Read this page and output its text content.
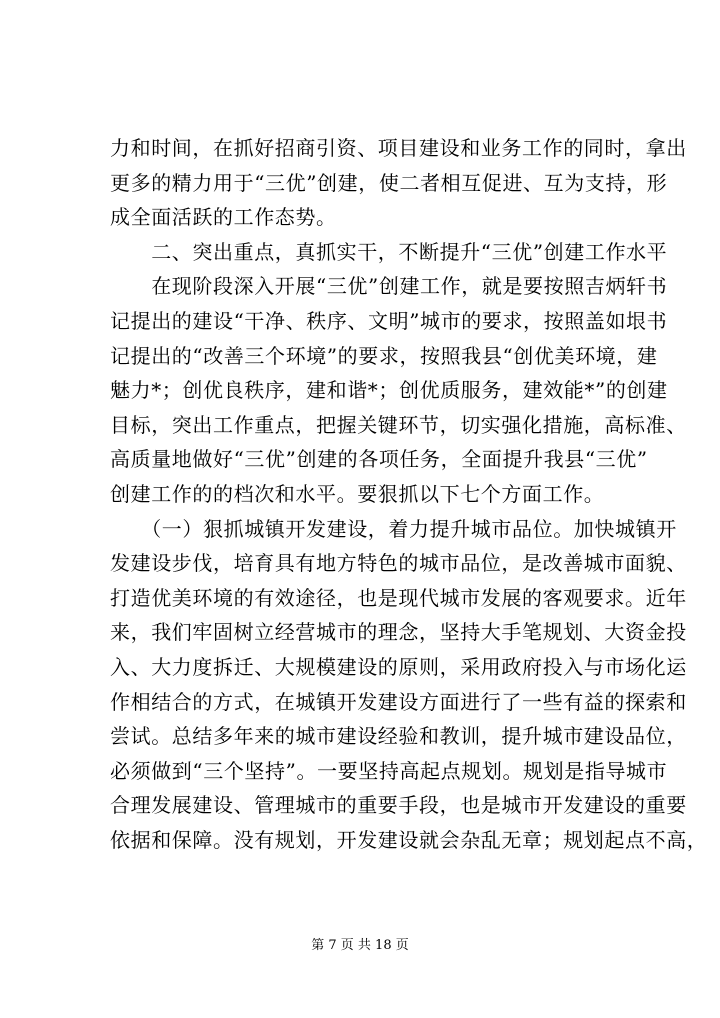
力和时间，在抓好招商引资、项目建设和业务工作的同时，拿出
更多的精力用于“三优”创建，使二者相互促进、互为支持，形
成全面活跃的工作态势。
　　二、突出重点，真抓实干，不断提升“三优”创建工作水平
　　在现阶段深入开展“三优”创建工作，就是要按照吉炳轩书
记提出的建设“干净、秩序、文明”城市的要求，按照盖如垠书
记提出的“改善三个环境”的要求，按照我县“创优美环境，建
魅力*；创优良秩序，建和谐*；创优质服务，建效能*”的创建
目标，突出工作重点，把握关键环节，切实强化措施，高标准、
高质量地做好“三优”创建的各项任务，全面提升我县“三优”
创建工作的的档次和水平。要狠抓以下七个方面工作。
　　（一）狠抓城镇开发建设，着力提升城市品位。加快城镇开
发建设步伐，培育具有地方特色的城市品位，是改善城市面貌、
打造优美环境的有效途径，也是现代城市发展的客观要求。近年
来，我们牢固树立经营城市的理念，坚持大手笔规划、大资金投
入、大力度拆迁、大规模建设的原则，采用政府投入与市场化运
作相结合的方式，在城镇开发建设方面进行了一些有益的探索和
尝试。总结多年来的城市建设经验和教训，提升城市建设品位，
必须做到“三个坚持”。一要坚持高起点规划。规划是指导城市
合理发展建设、管理城市的重要手段，也是城市开发建设的重要
依据和保障。没有规划，开发建设就会杂乱无章；规划起点不高，
第 7 页 共 18 页
